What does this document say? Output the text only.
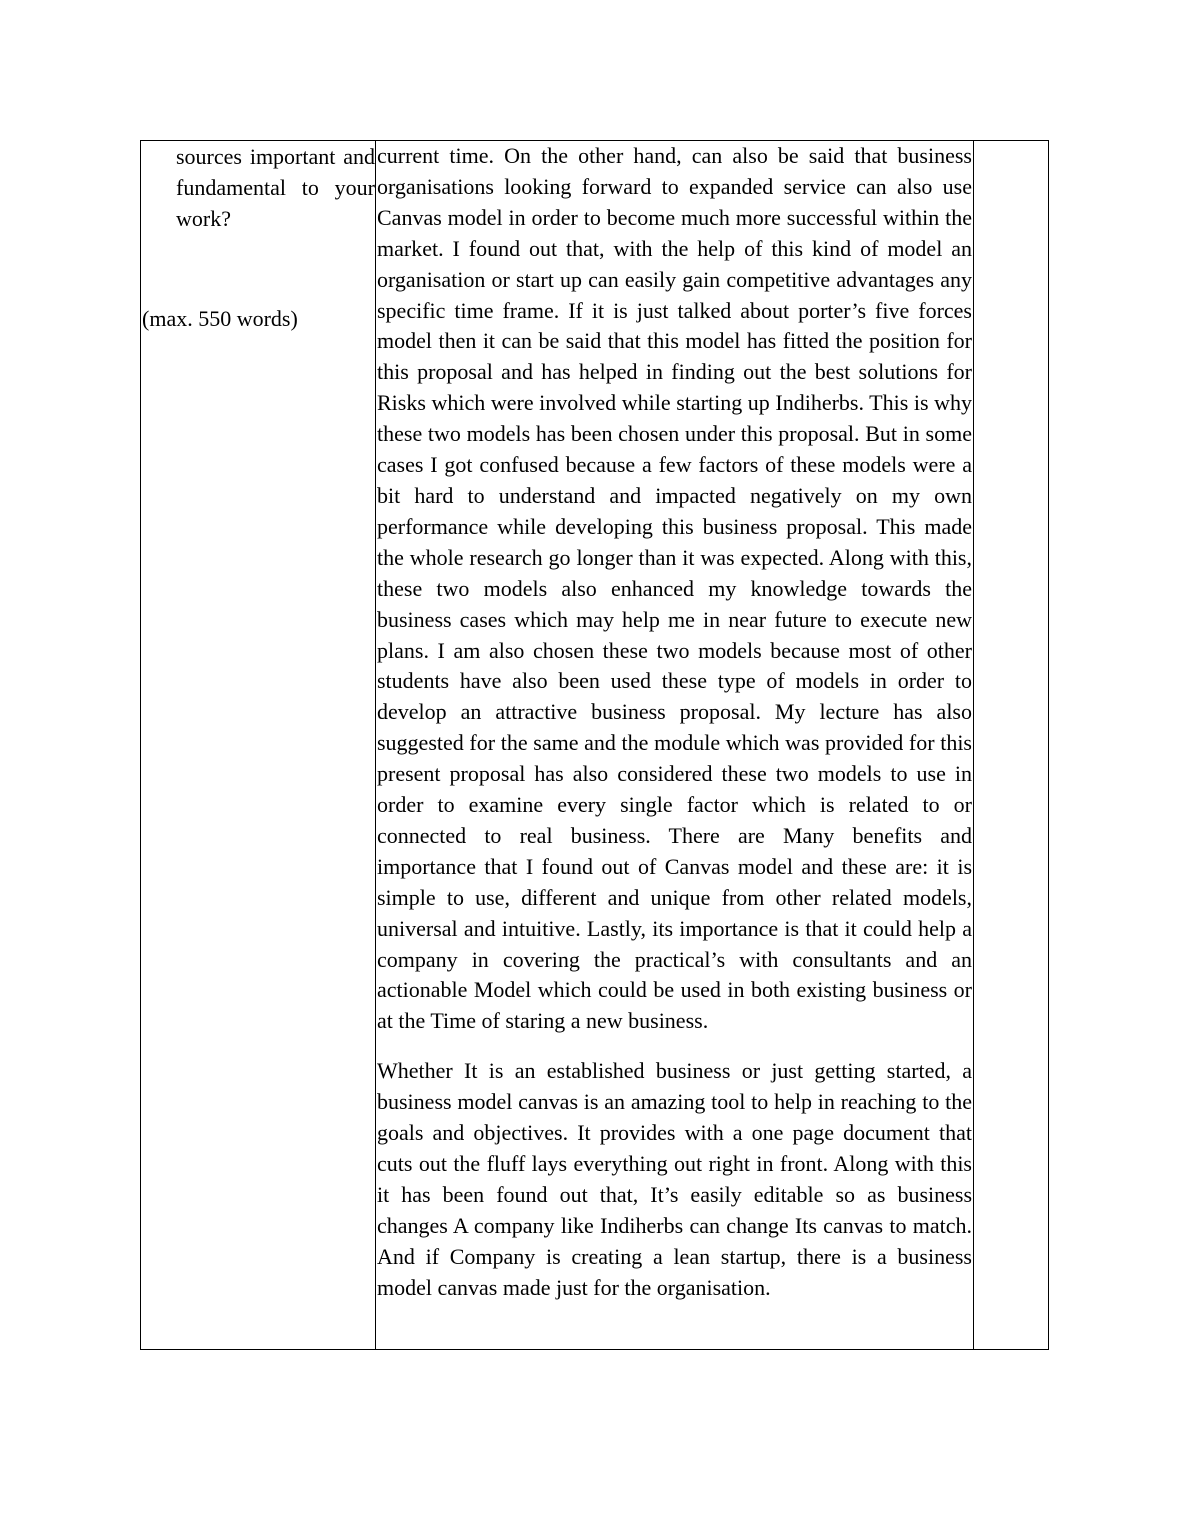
sources important and fundamental to your work?
(max. 550 words)

current time. On the other hand, can also be said that business organisations looking forward to expanded service can also use Canvas model in order to become much more successful within the market. I found out that, with the help of this kind of model an organisation or start up can easily gain competitive advantages any specific time frame. If it is just talked about porter’s five forces model then it can be said that this model has fitted the position for this proposal and has helped in finding out the best solutions for Risks which were involved while starting up Indiherbs. This is why these two models has been chosen under this proposal. But in some cases I got confused because a few factors of these models were a bit hard to understand and impacted negatively on my own performance while developing this business proposal. This made the whole research go longer than it was expected. Along with this, these two models also enhanced my knowledge towards the business cases which may help me in near future to execute new plans. I am also chosen these two models because most of other students have also been used these type of models in order to develop an attractive business proposal. My lecture has also suggested for the same and the module which was provided for this present proposal has also considered these two models to use in order to examine every single factor which is related to or connected to real business. There are Many benefits and importance that I found out of Canvas model and these are: it is simple to use, different and unique from other related models, universal and intuitive. Lastly, its importance is that it could help a company in covering the practical’s with consultants and an actionable Model which could be used in both existing business or at the Time of staring a new business.

Whether It is an established business or just getting started, a business model canvas is an amazing tool to help in reaching to the goals and objectives. It provides with a one page document that cuts out the fluff lays everything out right in front. Along with this it has been found out that, It’s easily editable so as business changes A company like Indiherbs can change Its canvas to match. And if Company is creating a lean startup, there is a business model canvas made just for the organisation.
